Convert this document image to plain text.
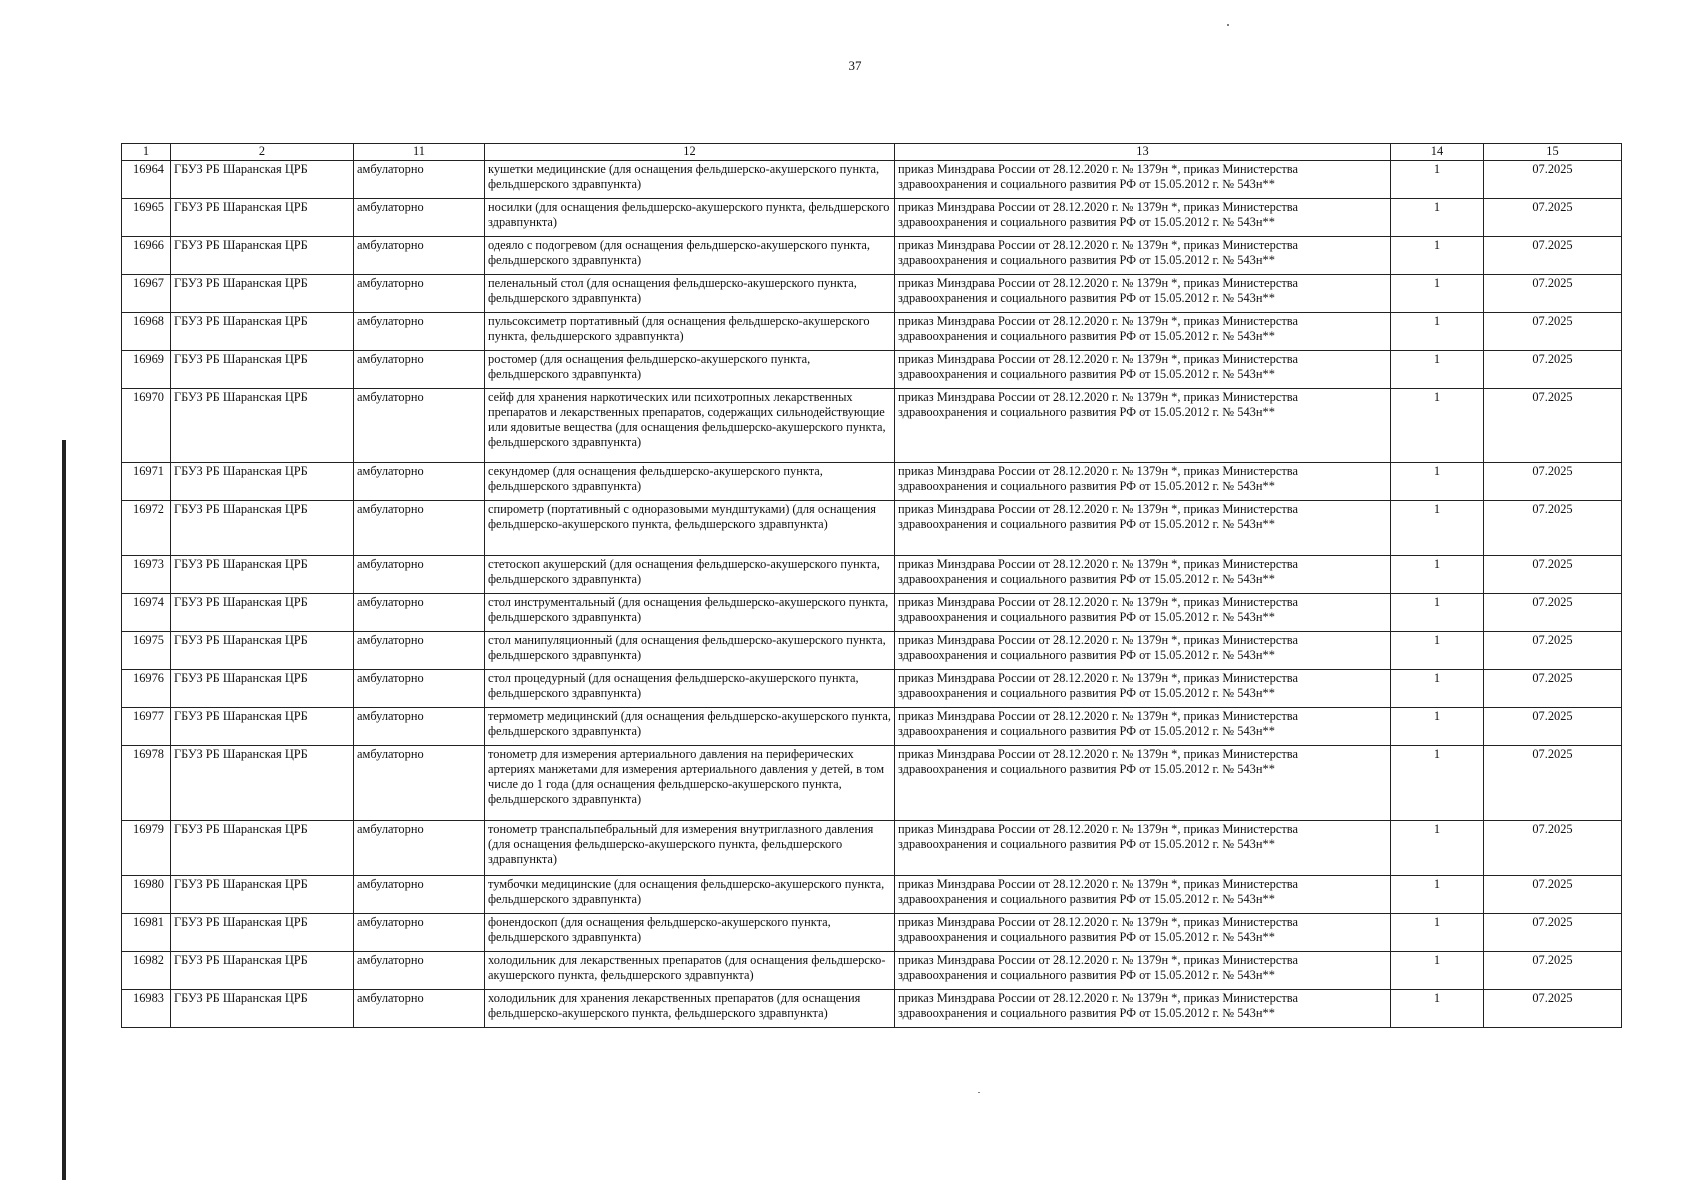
37
1	2	11	12	13	14	15
16964	ГБУЗ РБ Шаранская ЦРБ	амбулаторно	кушетки медицинские (для оснащения фельдшерско-акушерского пункта, фельдшерского здравпункта)	приказ Минздрава России от 28.12.2020 г. № 1379н *, приказ Министерства здравоохранения и социального развития РФ от 15.05.2012 г. № 543н**	1	07.2025
16965	ГБУЗ РБ Шаранская ЦРБ	амбулаторно	носилки (для оснащения фельдшерско-акушерского пункта, фельдшерского здравпункта)	приказ Минздрава России от 28.12.2020 г. № 1379н *, приказ Министерства здравоохранения и социального развития РФ от 15.05.2012 г. № 543н**	1	07.2025
16966	ГБУЗ РБ Шаранская ЦРБ	амбулаторно	одеяло с подогревом (для оснащения фельдшерско-акушерского пункта, фельдшерского здравпункта)	приказ Минздрава России от 28.12.2020 г. № 1379н *, приказ Министерства здравоохранения и социального развития РФ от 15.05.2012 г. № 543н**	1	07.2025
16967	ГБУЗ РБ Шаранская ЦРБ	амбулаторно	пеленальный стол (для оснащения фельдшерско-акушерского пункта, фельдшерского здравпункта)	приказ Минздрава России от 28.12.2020 г. № 1379н *, приказ Министерства здравоохранения и социального развития РФ от 15.05.2012 г. № 543н**	1	07.2025
16968	ГБУЗ РБ Шаранская ЦРБ	амбулаторно	пульсоксиметр портативный (для оснащения фельдшерско-акушерского пункта, фельдшерского здравпункта)	приказ Минздрава России от 28.12.2020 г. № 1379н *, приказ Министерства здравоохранения и социального развития РФ от 15.05.2012 г. № 543н**	1	07.2025
16969	ГБУЗ РБ Шаранская ЦРБ	амбулаторно	ростомер (для оснащения фельдшерско-акушерского пункта, фельдшерского здравпункта)	приказ Минздрава России от 28.12.2020 г. № 1379н *, приказ Министерства здравоохранения и социального развития РФ от 15.05.2012 г. № 543н**	1	07.2025
16970	ГБУЗ РБ Шаранская ЦРБ	амбулаторно	сейф для хранения наркотических или психотропных лекарственных препаратов и лекарственных препаратов, содержащих сильнодействующие или ядовитые вещества (для оснащения фельдшерско-акушерского пункта, фельдшерского здравпункта)	приказ Минздрава России от 28.12.2020 г. № 1379н *, приказ Министерства здравоохранения и социального развития РФ от 15.05.2012 г. № 543н**	1	07.2025
16971	ГБУЗ РБ Шаранская ЦРБ	амбулаторно	секундомер (для оснащения фельдшерско-акушерского пункта, фельдшерского здравпункта)	приказ Минздрава России от 28.12.2020 г. № 1379н *, приказ Министерства здравоохранения и социального развития РФ от 15.05.2012 г. № 543н**	1	07.2025
16972	ГБУЗ РБ Шаранская ЦРБ	амбулаторно	спирометр (портативный с одноразовыми мундштуками) (для оснащения фельдшерско-акушерского пункта, фельдшерского здравпункта)	приказ Минздрава России от 28.12.2020 г. № 1379н *, приказ Министерства здравоохранения и социального развития РФ от 15.05.2012 г. № 543н**	1	07.2025
16973	ГБУЗ РБ Шаранская ЦРБ	амбулаторно	стетоскоп акушерский (для оснащения фельдшерско-акушерского пункта, фельдшерского здравпункта)	приказ Минздрава России от 28.12.2020 г. № 1379н *, приказ Министерства здравоохранения и социального развития РФ от 15.05.2012 г. № 543н**	1	07.2025
16974	ГБУЗ РБ Шаранская ЦРБ	амбулаторно	стол инструментальный (для оснащения фельдшерско-акушерского пункта, фельдшерского здравпункта)	приказ Минздрава России от 28.12.2020 г. № 1379н *, приказ Министерства здравоохранения и социального развития РФ от 15.05.2012 г. № 543н**	1	07.2025
16975	ГБУЗ РБ Шаранская ЦРБ	амбулаторно	стол манипуляционный (для оснащения фельдшерско-акушерского пункта, фельдшерского здравпункта)	приказ Минздрава России от 28.12.2020 г. № 1379н *, приказ Министерства здравоохранения и социального развития РФ от 15.05.2012 г. № 543н**	1	07.2025
16976	ГБУЗ РБ Шаранская ЦРБ	амбулаторно	стол процедурный (для оснащения фельдшерско-акушерского пункта, фельдшерского здравпункта)	приказ Минздрава России от 28.12.2020 г. № 1379н *, приказ Министерства здравоохранения и социального развития РФ от 15.05.2012 г. № 543н**	1	07.2025
16977	ГБУЗ РБ Шаранская ЦРБ	амбулаторно	термометр медицинский (для оснащения фельдшерско-акушерского пункта, фельдшерского здравпункта)	приказ Минздрава России от 28.12.2020 г. № 1379н *, приказ Министерства здравоохранения и социального развития РФ от 15.05.2012 г. № 543н**	1	07.2025
16978	ГБУЗ РБ Шаранская ЦРБ	амбулаторно	тонометр для измерения артериального давления на периферических артериях манжетами для измерения артериального давления у детей, в том числе до 1 года (для оснащения фельдшерско-акушерского пункта, фельдшерского здравпункта)	приказ Минздрава России от 28.12.2020 г. № 1379н *, приказ Министерства здравоохранения и социального развития РФ от 15.05.2012 г. № 543н**	1	07.2025
16979	ГБУЗ РБ Шаранская ЦРБ	амбулаторно	тонометр транспальпебральный для измерения внутриглазного давления (для оснащения фельдшерско-акушерского пункта, фельдшерского здравпункта)	приказ Минздрава России от 28.12.2020 г. № 1379н *, приказ Министерства здравоохранения и социального развития РФ от 15.05.2012 г. № 543н**	1	07.2025
16980	ГБУЗ РБ Шаранская ЦРБ	амбулаторно	тумбочки медицинские (для оснащения фельдшерско-акушерского пункта, фельдшерского здравпункта)	приказ Минздрава России от 28.12.2020 г. № 1379н *, приказ Министерства здравоохранения и социального развития РФ от 15.05.2012 г. № 543н**	1	07.2025
16981	ГБУЗ РБ Шаранская ЦРБ	амбулаторно	фонендоскоп (для оснащения фельдшерско-акушерского пункта, фельдшерского здравпункта)	приказ Минздрава России от 28.12.2020 г. № 1379н *, приказ Министерства здравоохранения и социального развития РФ от 15.05.2012 г. № 543н**	1	07.2025
16982	ГБУЗ РБ Шаранская ЦРБ	амбулаторно	холодильник для лекарственных препаратов (для оснащения фельдшерско-акушерского пункта, фельдшерского здравпункта)	приказ Минздрава России от 28.12.2020 г. № 1379н *, приказ Министерства здравоохранения и социального развития РФ от 15.05.2012 г. № 543н**	1	07.2025
16983	ГБУЗ РБ Шаранская ЦРБ	амбулаторно	холодильник для хранения лекарственных препаратов (для оснащения фельдшерско-акушерского пункта, фельдшерского здравпункта)	приказ Минздрава России от 28.12.2020 г. № 1379н *, приказ Министерства здравоохранения и социального развития РФ от 15.05.2012 г. № 543н**	1	07.2025
